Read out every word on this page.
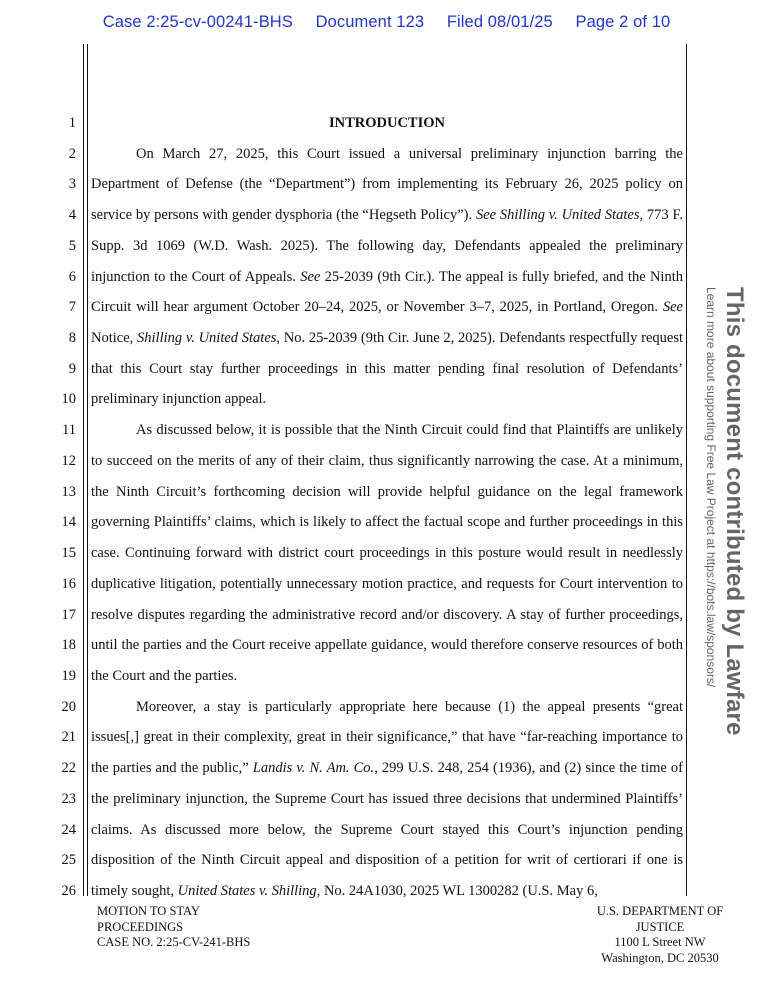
Case 2:25-cv-00241-BHS Document 123 Filed 08/01/25 Page 2 of 10
1
2
3
4
5
6
7
8
9
10
11
12
13
14
15
16
17
18
19
20
21
22
23
24
25
26
INTRODUCTION

On March 27, 2025, this Court issued a universal preliminary injunction barring the Department of Defense (the “Department”) from implementing its February 26, 2025 policy on service by persons with gender dysphoria (the “Hegseth Policy”). See Shilling v. United States, 773 F. Supp. 3d 1069 (W.D. Wash. 2025). The following day, Defendants appealed the preliminary injunction to the Court of Appeals. See 25-2039 (9th Cir.). The appeal is fully briefed, and the Ninth Circuit will hear argument October 20–24, 2025, or November 3–7, 2025, in Portland, Oregon. See Notice, Shilling v. United States, No. 25-2039 (9th Cir. June 2, 2025). Defendants respectfully request that this Court stay further proceedings in this matter pending final resolution of Defendants’ preliminary injunction appeal.

As discussed below, it is possible that the Ninth Circuit could find that Plaintiffs are unlikely to succeed on the merits of any of their claim, thus significantly narrowing the case. At a minimum, the Ninth Circuit’s forthcoming decision will provide helpful guidance on the legal framework governing Plaintiffs’ claims, which is likely to affect the factual scope and further proceedings in this case. Continuing forward with district court proceedings in this posture would result in needlessly duplicative litigation, potentially unnecessary motion practice, and requests for Court intervention to resolve disputes regarding the administrative record and/or discovery. A stay of further proceedings, until the parties and the Court receive appellate guidance, would therefore conserve resources of both the Court and the parties.

Moreover, a stay is particularly appropriate here because (1) the appeal presents “great issues[,] great in their complexity, great in their significance,” that have “far-reaching importance to the parties and the public,” Landis v. N. Am. Co., 299 U.S. 248, 254 (1936), and (2) since the time of the preliminary injunction, the Supreme Court has issued three decisions that undermined Plaintiffs’ claims. As discussed more below, the Supreme Court stayed this Court’s injunction pending disposition of the Ninth Circuit appeal and disposition of a petition for writ of certiorari if one is timely sought, United States v. Shilling, No. 24A1030, 2025 WL 1300282 (U.S. May 6,

MOTION TO STAY
PROCEEDINGS
CASE NO. 2:25-CV-241-BHS
U.S. DEPARTMENT OF
JUSTICE
1100 L Street NW
Washington, DC 20530
This document contributed by Lawfare
Learn more about supporting Free Law Project at https://bots.law/sponsors/
